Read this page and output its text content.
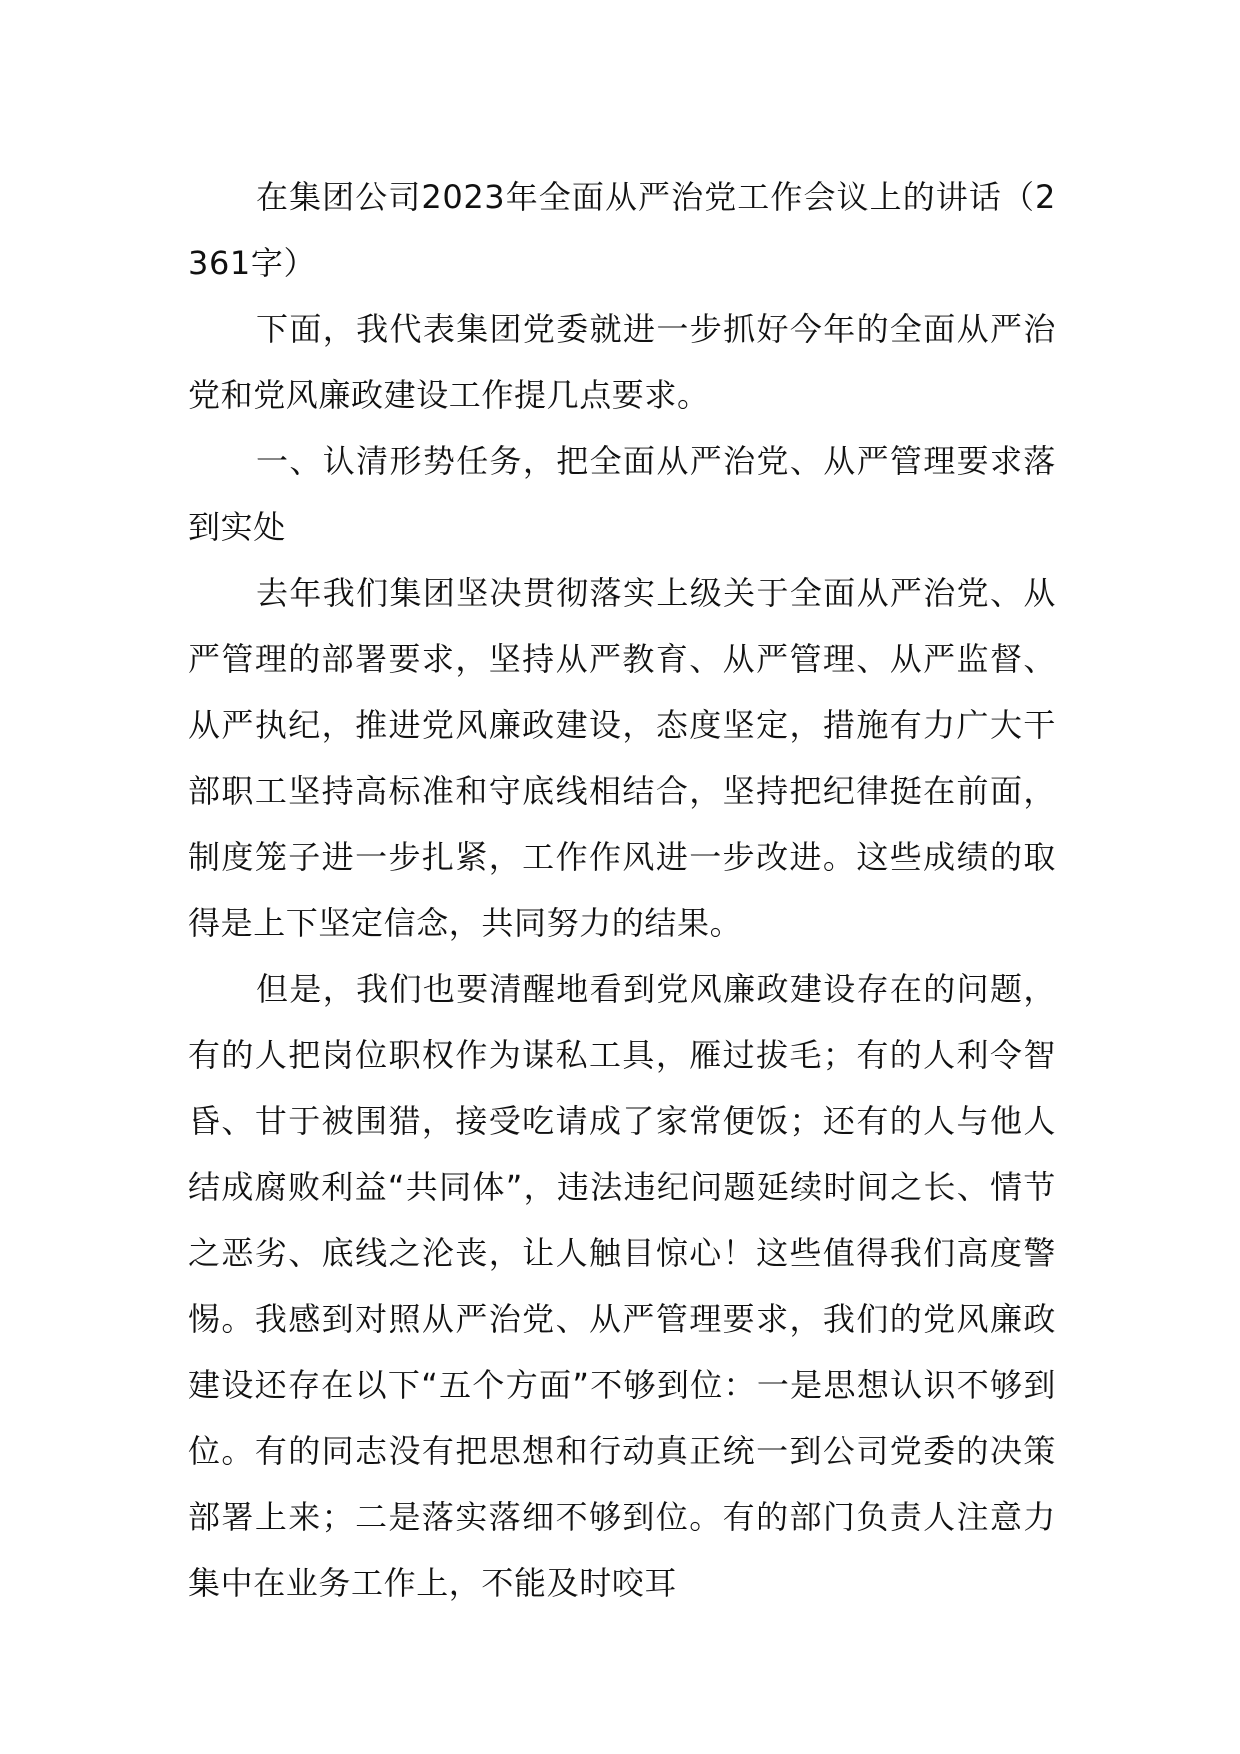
在集团公司2023年全面从严治党工作会议上的讲话（2361字）

下面，我代表集团党委就进一步抓好今年的全面从严治党和党风廉政建设工作提几点要求。

一、认清形势任务，把全面从严治党、从严管理要求落到实处

去年我们集团坚决贯彻落实上级关于全面从严治党、从严管理的部署要求，坚持从严教育、从严管理、从严监督、从严执纪，推进党风廉政建设，态度坚定，措施有力广大干部职工坚持高标准和守底线相结合，坚持把纪律挺在前面，制度笼子进一步扎紧，工作作风进一步改进。这些成绩的取得是上下坚定信念，共同努力的结果。

但是，我们也要清醒地看到党风廉政建设存在的问题，有的人把岗位职权作为谋私工具，雁过拔毛；有的人利令智昏、甘于被围猎，接受吃请成了家常便饭；还有的人与他人结成腐败利益“共同体”，违法违纪问题延续时间之长、情节之恶劣、底线之沦丧，让人触目惊心！这些值得我们高度警惕。我感到对照从严治党、从严管理要求，我们的党风廉政建设还存在以下“五个方面”不够到位：一是思想认识不够到位。有的同志没有把思想和行动真正统一到公司党委的决策部署上来；二是落实落细不够到位。有的部门负责人注意力集中在业务工作上，不能及时咬耳
